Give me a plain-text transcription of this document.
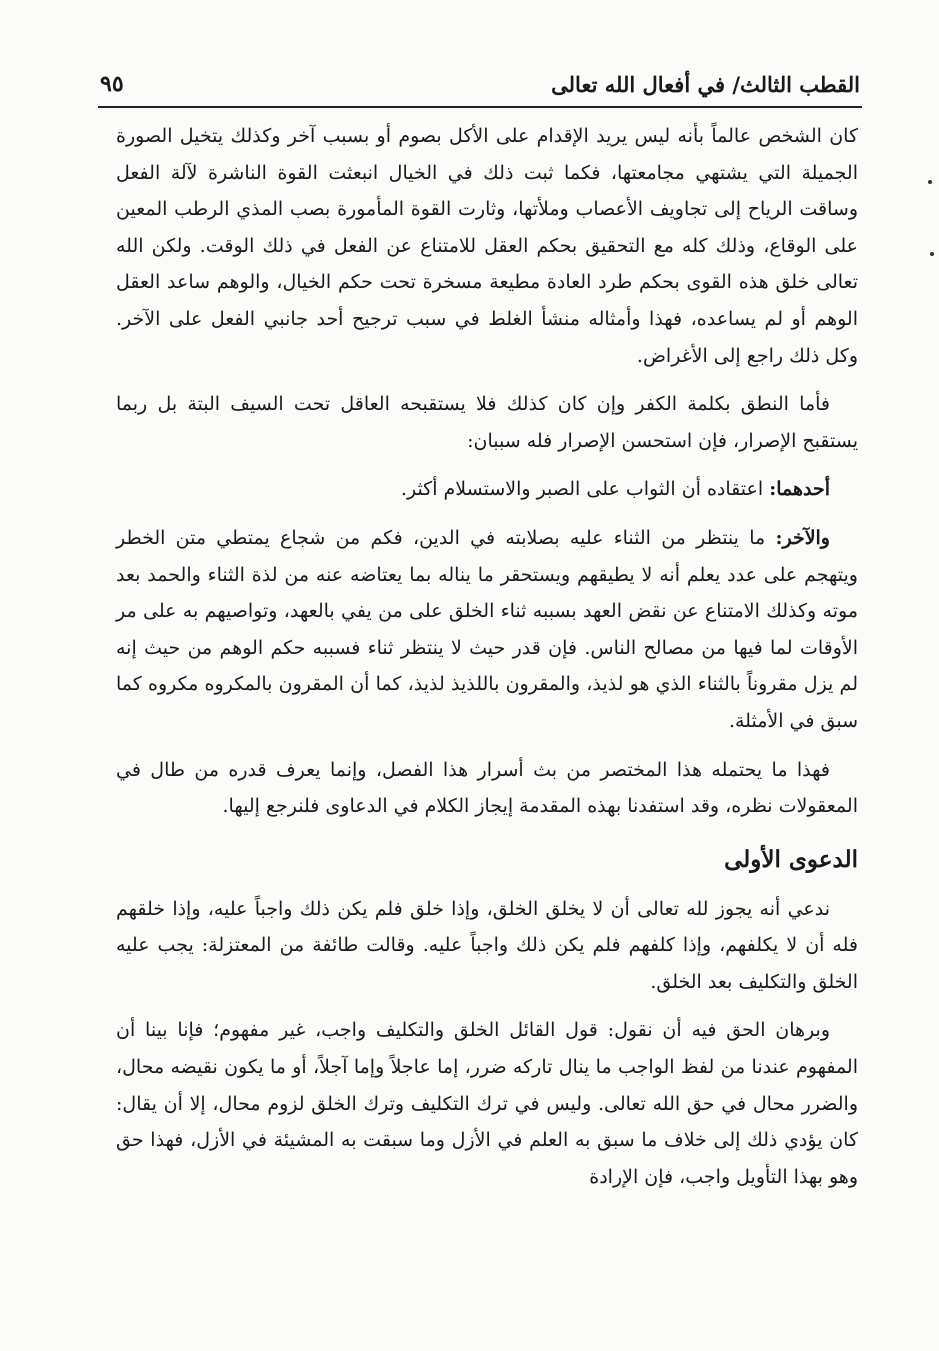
٩٥	القطب الثالث/ في أفعال الله تعالى

كان الشخص عالماً بأنه ليس يريد الإقدام على الأكل بصوم أو بسبب آخر وكذلك يتخيل الصورة الجميلة التي يشتهي مجامعتها، فكما ثبت ذلك في الخيال انبعثت القوة الناشرة لآلة الفعل وساقت الرياح إلى تجاويف الأعصاب وملأتها، وثارت القوة المأمورة بصب المذي الرطب المعين على الوقاع، وذلك كله مع التحقيق بحكم العقل للامتناع عن الفعل في ذلك الوقت. ولكن الله تعالى خلق هذه القوى بحكم طرد العادة مطيعة مسخرة تحت حكم الخيال، والوهم ساعد العقل الوهم أو لم يساعده، فهذا وأمثاله منشأ الغلط في سبب ترجيح أحد جانبي الفعل على الآخر. وكل ذلك راجع إلى الأغراض.

فأما النطق بكلمة الكفر وإن كان كذلك فلا يستقبحه العاقل تحت السيف البتة بل ربما يستقبح الإصرار، فإن استحسن الإصرار فله سببان:

أحدهما: اعتقاده أن الثواب على الصبر والاستسلام أكثر.

والآخر: ما ينتظر من الثناء عليه بصلابته في الدين، فكم من شجاع يمتطي متن الخطر ويتهجم على عدد يعلم أنه لا يطيقهم ويستحقر ما يناله بما يعتاضه عنه من لذة الثناء والحمد بعد موته وكذلك الامتناع عن نقض العهد بسببه ثناء الخلق على من يفي بالعهد، وتواصيهم به على مر الأوقات لما فيها من مصالح الناس. فإن قدر حيث لا ينتظر ثناء فسببه حكم الوهم من حيث إنه لم يزل مقروناً بالثناء الذي هو لذيذ، والمقرون باللذيذ لذيذ، كما أن المقرون بالمكروه مكروه كما سبق في الأمثلة.

فهذا ما يحتمله هذا المختصر من بث أسرار هذا الفصل، وإنما يعرف قدره من طال في المعقولات نظره، وقد استفدنا بهذه المقدمة إيجاز الكلام في الدعاوى فلنرجع إليها.

الدعوى الأولى

ندعي أنه يجوز لله تعالى أن لا يخلق الخلق، وإذا خلق فلم يكن ذلك واجباً عليه، وإذا خلقهم فله أن لا يكلفهم، وإذا كلفهم فلم يكن ذلك واجباً عليه. وقالت طائفة من المعتزلة: يجب عليه الخلق والتكليف بعد الخلق.

وبرهان الحق فيه أن نقول: قول القائل الخلق والتكليف واجب، غير مفهوم؛ فإنا بينا أن المفهوم عندنا من لفظ الواجب ما ينال تاركه ضرر، إما عاجلاً وإما آجلاً، أو ما يكون نقيضه محال، والضرر محال في حق الله تعالى. وليس في ترك التكليف وترك الخلق لزوم محال، إلا أن يقال: كان يؤدي ذلك إلى خلاف ما سبق به العلم في الأزل وما سبقت به المشيئة في الأزل، فهذا حق وهو بهذا التأويل واجب، فإن الإرادة
